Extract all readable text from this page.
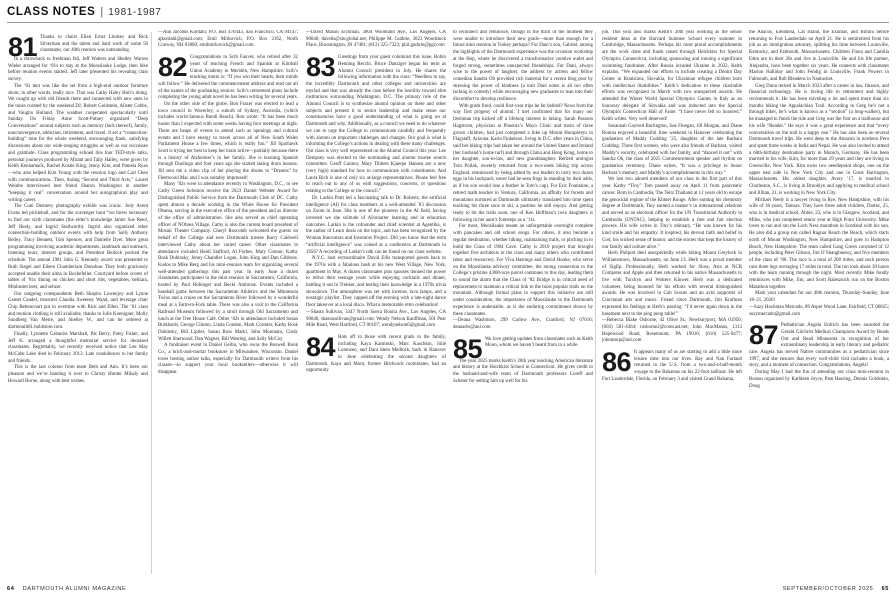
CLASS NOTES | 1981-1987
81 Thanks to chairs Ellen Ernst Lindsey and Rick Silverman and the talent and hard work of some 50 classmates, our 40th reunion was outstanding.

In a throwback to freshman fall, Jeff Walters and Shelley Warren Wieler arranged for ‘81s to stay at the Moosilauke Lodge, then hike before reunion events started. Jeff later presented his revealing class survey.

The ‘81 tent was like the set from a high-end outdoor furniture shoot, in other words, really nice. That was Cathy Haley Hoit’s doing. We caught up with old friends there and connected with new ones in the tunes curated by the weekend DJ, Robert Goldstein, Alister Cobbs, and Vaughn Holland. The weather cooperated spectacularly until Sunday. On Friday Anne Scott-Putney organized “Deep Conversations” around subjects such as memory (lack thereof), family, nonconvergence, addiction, retirement, and travel. It set a “connection-building” tone for the whole weekend, encouraging frank, satisfying discussions about our wide-ranging struggles as well as our successes and gratitude. Class programming echoed this four TED-style talks, personal journeys produced by Mirant and Tally Halley, were given by Keith Kennamack, Rachel Kostie King, Jenny Kim, and Pamela Ryan—who also helped Kim Young with the reunion logo and Carl Chen with communications. Then, during “Second and Third Acts,” Laurel Weinbe interviewed best friend Sharon Washington in another “keeping it real” conversation around her autographical play and writing career.

The Cum Dermery photography exhibit was iconic. Jody Avent Evans led pickleball, and for the scavenger hunt “we threw necessary to find our sixth classmates (the elder’s knowledge Jamie Sue Reed, Jeff Healy, and Ingrid Stallworth). Ingrid also organized other connection-building outdoor events with help from Sally Anthony Reiley, Tracy Bennett, Tom Spencer, and Danielle Dyer. More great programming involving academic departments, landmark and outreach, listening tours, interest groups, and President Beilock pocked the schedule. The annual 1981 John G. Kennedy award was presented to Ruth Siegel and Eileen Chamberlain Donohue. They both graciously accepted unable their alma in Rockefeller. Courtyard before scores of tables of ‘81s dining on chicken and short ribs, vegetables, beltiara, Mlohnstet beer, and seltzer.

Our outgoing corespondents Beth Shapiro Lowenjoy and Lynne Gamet Caudel, treasurer Claudia Sweeney Wand, and leverage chair Chip Bettencourt put in overtime with Rick and Ellen. The ‘81 class and reunion clothing is still available, thanks to Julie Koenigner, Molly Sundberg Van Metre, and Shelley W., and can be ordered at dartmouth81.holdstore.com.

Finally, Lynnette Cabaniss Marshall, Pat Berry, Patsy Fisher, and Jeff K. arranged a thoughtful memorial service for deceased classmates. Regrettably, we recently received notice that Lee May McCabe Lake died in February 2013. Late condolences to her family and friends.

This is the last column from team Beth and Ann. It’s been our pleasure and we’re handing it over to Christy Hunter Mihaly and Howard Horne, along with best wishes.

—Ann Jacobus Kordahl, P.O. Box 470443, San Francisco, CA 94147; ajkordahl@gmail.com; Emil Mirkovich, P.O. Box 2162, North Conway, NH 03860; emilmirkovich@gmail.com

82 Congratulations to Scib Fauver, who retired after 32 years of teaching French and Spanish at Kimball Union Academy in Meriden, New Hampshire. Scib’s teaching motto is: “If you win their hearts, their minds will follow.” He delivered the commencement address and read out all of the names of the graduating seniors. Scib’s retirement plans include completing the young adult novel he has been writing for several years.

On the other side of the globe, Bon Frazer was elected to lead a town council in Waverley, a suburb of Sydney, Australia, (which includes world-famous Bondi Beach). Bon wrote: “It has been much busier than I expected with some weeks having four meetings at night. There are heaps of events to attend such as openings and cultural events and I have energy to travel across all of New South Wales Parliament House a few times, which is really fun.” Jill Sparhawk Scott is trying her best to keep her brain active—partially because there is a history of Alzheimer’s in her family. She is learning Spanish through Duolingo and four years ago she started taking drum lessons. Jill sent me a video clip of her playing the drums to “Dreams” by Fleetwood Mac and I was suitably impressed!

Many ‘82s were in attendance recently in Washington, D.C., to see Cathy Green Solomon receive the 2023 Daniel Webster Award for Distinguished Public Service from the Dartmouth Club of DC. Cathy spent almost a decade working in the White House for President Obama, serving in the executive office of the president and as director of the office of administration. She also served as chief operating officer of NObrea Village. Cathy is also the current board president of Mosaic Theater Company. Cheryl Roscomb welcomed the guests on behalf of the College and new Dartmouth trustee Barry Caldwell interviewed Cathy about her varied career. Other classmates in attendance included Heidi Stafford, Al Forbes, Mary Connor, Kathy Bosk Dubinsky, Jenny Chandler Logan, John King and Dan Gibbons. Kudos to Mike Berg and his mini-reunion team for organizing several well-attended gatherings this past year. In early June a dozen classmates participated in the mini-reunion in Sacramento, California, hosted by Paul Hobinger and Becki Ambrose. Events included a baseball game between the Sacramento Athletics and the Minnesota Twins and a cruise on the Sacramento River followed by a wonderful meal at a Farm-to-Fork table. There was also a visit to the California Railroad Museum followed by a stroll through Old Sacramento and lunch at the Tree House Café. Other ‘82s in attendance included Susan Burkhardt, George Clinton, Linda Condon, Mark Cormier, Kathy Bosk Dubinsky, Bill Liptiet, Susan Ross Markl, John Mountain, Cindy Willett Sherwood, Dan Wagner, Bill Westing, and Sally McCoy.

A fundraiser event in Daniel Gellin, who owns the Boswell Book Co., a brick-and-mortar bookstore in Milwaukee, Wisconsin. Daniel loves hosting author talks, especially for Dartmouth writers from his classes—so support your local booksellers—otherwise it will disappear.

—David Mason Eichman, 3004 Woodland Ave., Los Angeles, CA 90046; davelis@sbcglobal.net; Philippe M. Guthrie, 3023 Woodstock Place, Bloomington, IN 47401; (812) 325-7323; phil.guthrie@pgr.com

83 Greetings from your guest columnist this issue, Robin Henning Recchi. Bruce Danziger began his term as Alumni Council president in July. He shares the following information with the class: “Needless to say, the incredibly Dartmouth and other colleges and universities are myriad and that was already the case before the hostility toward elite institutions surrounding Washington, D.C. The primary role of the Alumni Council is to synthesize alumni opinion on these and other subjects and present it to senior leadership and make sense our constituencies have a good understanding of what is going on at Dartmouth and why. Additionally, as a council we need to do whatever we can to urge the College to communicate candidly and frequently with alumni on important challenges and changes. Our goal is what is informing the College’s actions in dealing with these many challenges. Our class is very well represented on the Alumni Council this year: Lee Dempsey was elected to the nominating and alumni trustee search committee. Geoff Connor, Mary Tibbets Kjaerpe Hansen are a new (very high) standard for how to communicate with constituents. And Laura Rich is one of only six at-large representatives. Please feel free to reach out to any of us with suggestions, concerns, or questions relating to the College or the council.”

Dr. Larkin Pratt led a fascinating talk to Dr. Roberts, the artificial intelligence (AI) for class members at a well-attended ’83 discussion on Zoom in June. She is one of the pioneers in the AI field, having invested we she solitude of AI/smarter learning and in education outcomes. Larkin is the cofounder and chief scientist at Agentika, is the author of Learn deals on the topic, and has been recognized by the Woman Innovators and Inventors Project. Did you know that the term “artificial intelligence” was coined at a conference at Dartmouth in 1956? A recording of Larkin’s talk can be found on our class website.

N.Y.C. host extraordinaire David Ellis transported guests back to the 1970s with a fabulous bash at his new West Village, New York, apartment in May. A dozen classmates plus spouses donned the power to relive their teenage years while enjoying cocktails and dinner, battling it out in Trekker, and testing their knowledge in a 1970s trivia showdown. The atmosphere was set with incense, lava lamps, and a nostalgic playlist. They capped off the evening with a late-night dance floor takeover at a local disco. What a memorable retro celebration!

—Shasta Sullivan, 3347 North Sierra Bonita Ave., Los Angeles, CA 90046; shastasullivan@gmail.com; Wendy Nelson Kauffman, 501 Pear Mile Road, West Hartford, CT 06107; wendynelson6@gmail.com

84 Hats off to those with recent grads in the family, including Kaya Kaminski, Marc Kaschkin, Julie Lorenzen, and Dani Stein Medlock, back in Hanover in June celebrating the second daughters of Dartmouth. Kaya and Mom, former Hitchcock roommates, had an opportunity

to reconnect and reminisce, though in the thrill of the moment they were unable to introduce their new grads—more than enough for a future mini reunion in Turkey perhaps? For Dani’s son, Gabriel, among the highlights of the Dartmouth experience was the occasion workshop at the Hop, where he discovered a transformative creative outlet and forged strong, sometimes unexpected friendships. For Dani, always wise to the power of laughter, the address by actress and fellow comedian Sandra Oh provided rich material for a recent blog post by stressing the power of kindness (a trait Dani notes is all too often lacking in comedy) while encouraging new graduates to lean into their discomfort to develop resilience.

With grads fired, could first-year trips be far behind? News from the way first progeny of alumni: I met confirmed that for many our freshman trip kicked off a lifelong interest in hiking. Sarah Pearson Hagstrom, physician at Phoenix’s Mayo Clinic and mom of three grown children, had just completed a hike up Mount Humphreys in Flagstaff, Arizona. Karin Finkelson, living in D.C. after years in China, said her hiking trips had taken her around the United States and Ireland (her husband’s home turf) and through China and Hong Kong, home to her daughter, son-in-law, and new granddaughter. Retired urologist Tom Pollak, recently returned from a two-week hiking trip across England, reminisced by being added by our leaders to carry two dozen eggs in his backpack, never had he seen frogs in standing by their adds, as if his son would lose a feather in Tom’s cap). For Eric Fountaine, a retired math teacher in Ventura, California, an affinity for forests and mountains nurtured at Dartmouth ultimately translated into time spent teaching his three sons to ski, a pastime he still enjoys. And getting ready to hit the trails soon, one of Ken Hoffman’s twin daughters is following in her aunt’s footsteps as a ’11s.

For most, Moosilauke meant an unforgettable overnight complete with pancakes and old school songs. For others, it also became a regular destination, whether hiking, maintaining trails, or pitching in to build the Class of 1984 Cave. Cathy is 2010 project that brought together five architects in the class and many others who contributed labor and resources). For Viva Hastings and David Hooke, who serve on the Moosilauke advisory committee, the strong connection to the College’s pristine 4,800-acre parcel continues to this day, leading them to sound the alarm that the Class of ‘82 Bridge is in critical need of replacement to maintain a critical link to the most popular trails on the mountain. Although formal plans to support this initiative are still under consideration, the importance of Moosilauke to the Dartmouth experience is undeniable, as is the enduring commitment shown by these classmates.

—Deana Washburn, 299 Carlow Ave., Cranford, NJ 07016; deanadw@aol.com

85 We love getting updates from classmates such as Keith Moon, whom we haven’t heard from in a while.

The year 2025 marks Keith’s 20th year teaching American literature and history at the Hotchkiss School in Connecticut. He gives credit to the husband-and-wife team of Dartmouth professors Loreff and Scherer for setting him up well for his

job. This year also marks Keith’s 20th year working as the senior resident dean at the Harvard Summer School every summer in Cambridge, Massachusetts. Perhaps his most proud accomplishments are the work done and funds raised through Hotchkiss for Special Olympics Connecticut, including sponsoring and running a significant swimming fundraiser. After Russia invaded Ukraine in 2022, Keith explains, “We expanded our efforts to include creating a Denim Day Center in Bratislava, Slovakia, for Ukrainian refugee children born with intellectual disabilities.” Keith’s dedication to these charitable efforts was recognized in March with two unexpected awards. He attended the Winter World Special Olympics Games in Italy as an honorary delegate of Slovakia and was inducted into the Special Olympics Connecticut Hall of Fame. “I have never felt so honored,” Keith writes. Very well deserved!

Susannah Gaylord Burlington, Sue Finegan, Jill Morgan, and Diane Bonina enjoyed a beautiful June weekend in Hanover celebrating the graduation of Maddy Codding ’25, daughter of the late Barbara Codding. Three first women, who were also friends of Barbara, visited Maddy’s sorority, celebrated with her family, and “danced it out” with Sandra Oh, the class of 2025 Commencement speaker and rhythm on graduation ceremony. Diane writes, “It was a privilege to honor Barbara’s memory and Maddy’s accomplishments in this way.”

We lost two adored members of our class in the first part of this year. Kathy “Tiny” Tom passed away on April 11 from pancreatic cancer. Born in Cambodia, The Teitz Thailand at 12 years old to escape the genocidal regime of the Khmer Rouge. After earning his chemistry degree at Dartmouth, Tiny earned a master’s in international relations and served as an electoral officer for the UN Transitional Authority in Cambodia (UNTAC), helping to establish a free and fair election process. His wife writes in Tiny’s obituary, “He was known for his kind smile and his empathy. It inspired, his devout faith and belief in God, his wicked sense of humor, and the stories that kept the history of our family and culture alive.”

Herb Philpott died unexpectedly while hiking Mount Greylock in Williamstown, Massachusetts, on June 13. Herb was a proud member of SigEp. Professionally, Herb worked for Sloss, Atra at NCR Computer and Apple and then returned to his native Massachusetts to live with Turchyn and Wolters Kluwer. Herb was a dedicated volunteer, being honored for his efforts with several distinguished awards. He was involved in Cub Scouts and an avid supporter of Cincinnati arts and music. Friend since Dartmouth, Jim Krafman expressed his feelings at Herb’s passing: “I’d never again down in the basement next to the ping pong table!”

—Rebecca Blake Osborne, 42 Olive St., Newburyport, MA 01950; (603) 581-4364; rosborne2@comcast.net; John MacManus, 1313 Hopewood Road, Rosemount, PA 19010; (610) 525-9477; johnmacp@aol.com

86 It appears many of us are starting to add a little more leisure time into our lives. Ray and Nan Farland returned to the U.S. from a two-and-a-half-month voyage to the Bahamas on his 22-foot sailboat. He left Fort Lauderdale, Florida, on February 3 and visited Grand Bahama,

the Abacos, Eleuthera, Cat Island, the Exumas, and Bimini before returning to Fort Lauderdale on April 21. He is semiretired from his job as an immigration attorney, splitting his time between Louisville, Kentucky, and Falmouth, Massachusetts. Children Fiona and Camilla Eden are in their 20s and live in Louisville. He and his life partner, Alejandra, have been together six years. He connects with classmates Marion Halliday and John Fendig in Louisville, Frank Powers in Falmouth, and Rob Bleadens in Nantucket.

Greg Dunn retired in March 2023 after a career in law, finance, and financial technology. He is loving life in retirement and highly recommends it. He has been traveling a lot and spent more than six months hiking the Appalachian Trail. According to Greg he’s not a through hiker, he’s what is known as a “section” (a long-walker), but he managed to finish the ride and Greg was the first on a trailhouse and his wife “Reader.” He says it was a great experience and that “every conversation on the trail is a happy one.” He has also been on several Dartmouth travel trips. He went deep to the Amazon in northern Peru and spent three weeks in India and Nepal. He was also invited to attend a 60th-birthday destination party in Munich, Germany. He has been married to his wife, Kim, for more than 29 years and they are living in Greenville, New York. Kim owns two needlepoint shops, one on the upper east side in New York City and one in Great Barrington, Massachusetts. His oldest daughter, Avery ’17, is married in Charleston, S.C., is living in Brooklyn and applying to medical school and Jillian, 21, is working in New York City.

Michael Neely is a lawyer living in Rye, New Hampshire, with his wife of 30 years, Tamara. They have three adult children, Dartez, 25, who is in medical school, Abbie, 23, who is in Glasgow, Scotland, and Miles, who just completed senior year at High Point University. Mike loves to run and ran the Loch Ness marathon in Scotland with his son. He also did a group run called Ragnar Reach the Beach, which starts north of Mount Washington, New Hampshire, and goes to Hampton Beach, New Hampshire. The team called Gang Green consisted of 12 people, including Peter Gibson, Jim O’Shaughnessy, and five members of the class of ’86. The race is a total of 200 miles, and each person runs three legs averaging 17 miles in total. The run took about 30 hours with the team running through the night. Most recently Mike fondly reminisces with Mike, Jim, and Scott Ralesznick run on the Boston Marathon together.

Mark your calendars for our 40th reunion, Thursday–Sunday, June 18–21, 2026!

—Suzy Hochman Mercado, 89 Asper Wood Lane, Fairfield, CT 06825; suzymercado@gmail.com

87 Pediatrician Angela Erdrich has been awarded the Gerald Gilchrist Medical Champions Award by Beads Out and Read Minnesota in recognition of her extraordinary leadership in early literacy and pediatric care. Angela has served Native communities as a pediatrician since 1997, and she ensures that every well-child visit includes a book, a story, and a moment of connection. Congratulations, Angela!

During May I had the fun of attending our class mini-reunion in Boston organized by Kathleen Joyce, Pam Haering, Dennis Goldstein, Doug

64 DARTMOUTH ALUMNI MAGAZINE	SEPTEMBER/OCTOBER 2025 65
